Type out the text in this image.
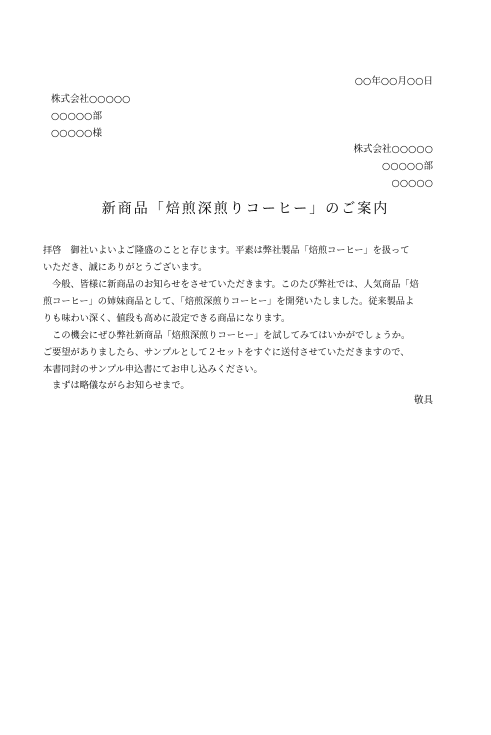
○○年○○月○○日
株式会社○○○○○
○○○○○部
○○○○○様
株式会社○○○○○
○○○○○部
○○○○○
新商品「焙煎深煎りコーヒー」のご案内
拝啓　御社いよいよご隆盛のことと存じます。平素は弊社製品「焙煎コーヒー」を扱って
いただき、誠にありがとうございます。
　今般、皆様に新商品のお知らせをさせていただきます。このたび弊社では、人気商品「焙
煎コーヒー」の姉妹商品として、「焙煎深煎りコーヒー」を開発いたしました。従来製品よ
りも味わい深く、値段も高めに設定できる商品になります。
　この機会にぜひ弊社新商品「焙煎深煎りコーヒー」を試してみてはいかがでしょうか。
ご要望がありましたら、サンプルとして２セットをすぐに送付させていただきますので、
本書同封のサンプル申込書にてお申し込みください。
　まずは略儀ながらお知らせまで。
敬具
